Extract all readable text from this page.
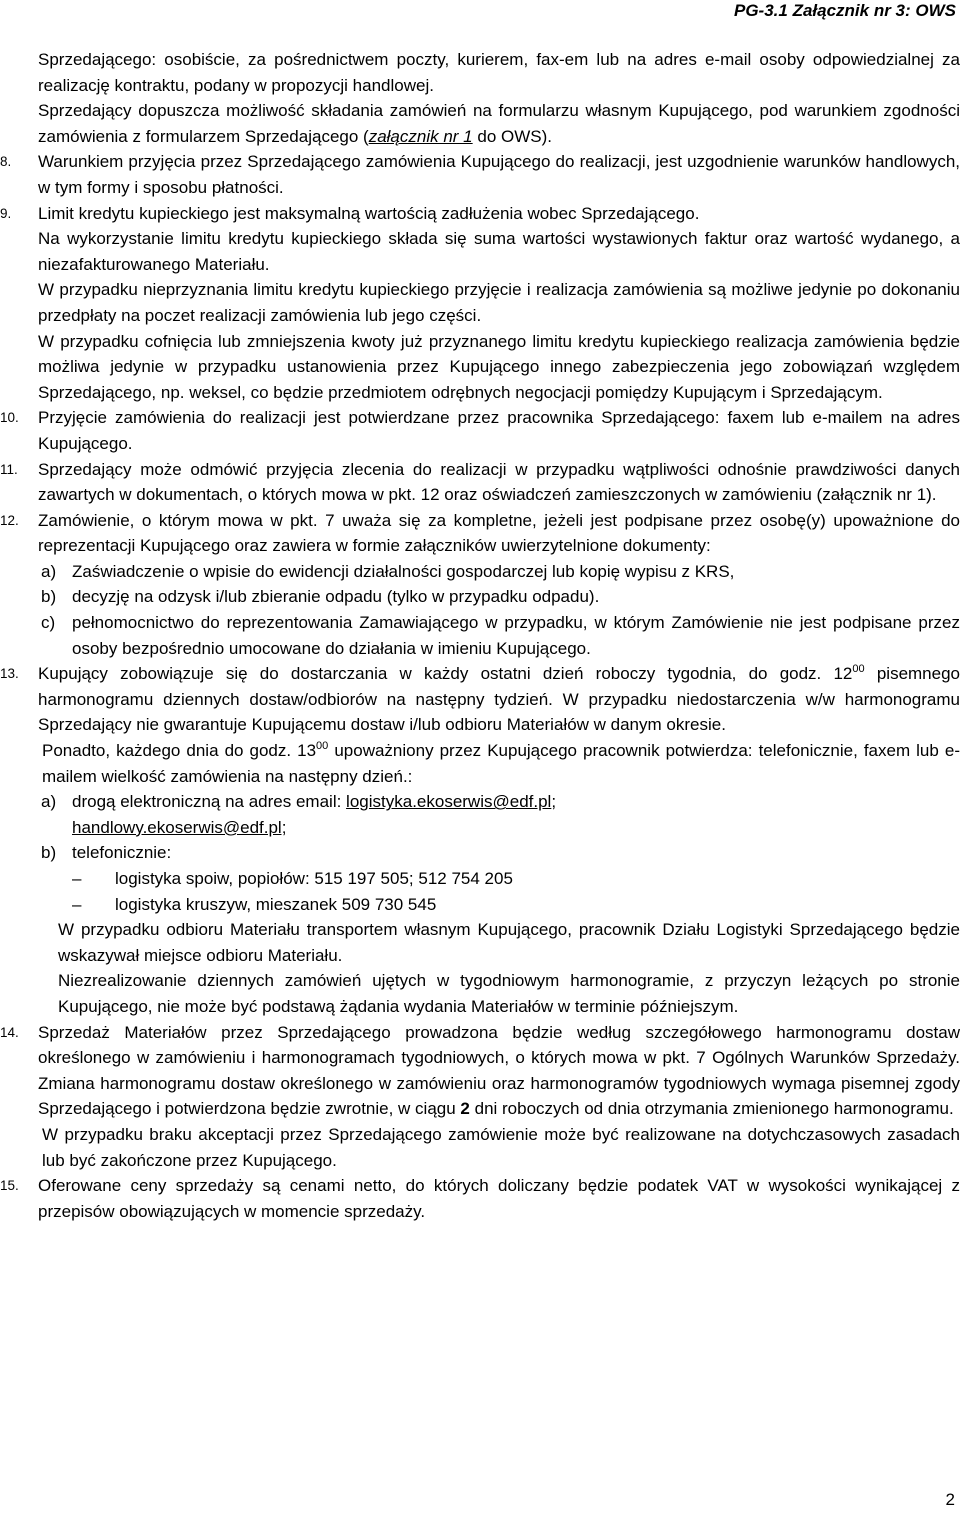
PG-3.1 Załącznik nr 3: OWS

Sprzedającego: osobiście, za pośrednictwem poczty, kurierem, fax-em lub na adres e-mail osoby odpowiedzialnej za realizację kontraktu, podany w propozycji handlowej.

Sprzedający dopuszcza możliwość składania zamówień na formularzu własnym Kupującego, pod warunkiem zgodności zamówienia z formularzem Sprzedającego (załącznik nr 1 do OWS).

8. Warunkiem przyjęcia przez Sprzedającego zamówienia Kupującego do realizacji, jest uzgodnienie warunków handlowych, w tym formy i sposobu płatności.

9. Limit kredytu kupieckiego jest maksymalną wartością zadłużenia wobec Sprzedającego.

Na wykorzystanie limitu kredytu kupieckiego składa się suma wartości wystawionych faktur oraz wartość wydanego, a niezafakturowanego Materiału.

W przypadku nieprzyznania limitu kredytu kupieckiego przyjęcie i realizacja zamówienia są możliwe jedynie po dokonaniu przedpłaty na poczet realizacji zamówienia lub jego części.

W przypadku cofnięcia lub zmniejszenia kwoty już przyznanego limitu kredytu kupieckiego realizacja zamówienia będzie możliwa jedynie w przypadku ustanowienia przez Kupującego innego zabezpieczenia jego zobowiązań względem Sprzedającego, np. weksel, co będzie przedmiotem odrębnych negocjacji pomiędzy Kupującym i Sprzedającym.

10. Przyjęcie zamówienia do realizacji jest potwierdzane przez pracownika Sprzedającego: faxem lub e-mailem na adres Kupującego.

11. Sprzedający może odmówić przyjęcia zlecenia do realizacji w przypadku wątpliwości odnośnie prawdziwości danych zawartych w dokumentach, o których mowa w pkt. 12 oraz oświadczeń zamieszczonych w zamówieniu (załącznik nr 1).

12. Zamówienie, o którym mowa w pkt. 7 uważa się za kompletne, jeżeli jest podpisane przez osobę(y) upoważnione do reprezentacji Kupującego oraz zawiera w formie załączników uwierzytelnione dokumenty:

a) Zaświadczenie o wpisie do ewidencji działalności gospodarczej lub kopię wypisu z KRS,

b) decyzję na odzysk i/lub zbieranie odpadu (tylko w przypadku odpadu).

c) pełnomocnictwo do reprezentowania Zamawiającego w przypadku, w którym Zamówienie nie jest podpisane przez osoby bezpośrednio umocowane do działania w imieniu Kupującego.

13. Kupujący zobowiązuje się do dostarczania w każdy ostatni dzień roboczy tygodnia, do godz. $12^{00}$ pisemnego harmonogramu dziennych dostaw/odbiorów na następny tydzień. W przypadku niedostarczenia w/w harmonogramu Sprzedający nie gwarantuje Kupującemu dostaw i/lub odbioru Materiałów w danym okresie.

Ponadto, każdego dnia do godz. $13^{00}$ upoważniony przez Kupującego pracownik potwierdza: telefonicznie, faxem lub e-mailem wielkość zamówienia na następny dzień.:

a) drogą elektroniczną na adres email: logistyka.ekoserwis@edf.pl;

handlowy.ekoserwis@edf.pl;

b) telefonicznie:

– logistyka spoiw, popiołów: 515 197 505; 512 754 205

– logistyka kruszyw, mieszanek 509 730 545

W przypadku odbioru Materiału transportem własnym Kupującego, pracownik Działu Logistyki Sprzedającego będzie wskazywał miejsce odbioru Materiału.

Niezrealizowanie dziennych zamówień ujętych w tygodniowym harmonogramie, z przyczyn leżących po stronie Kupującego, nie może być podstawą żądania wydania Materiałów w terminie późniejszym.

14. Sprzedaż Materiałów przez Sprzedającego prowadzona będzie według szczegółowego harmonogramu dostaw określonego w zamówieniu i harmonogramach tygodniowych, o których mowa w pkt. 7 Ogólnych Warunków Sprzedaży. Zmiana harmonogramu dostaw określonego w zamówieniu oraz harmonogramów tygodniowych wymaga pisemnej zgody Sprzedającego i potwierdzona będzie zwrotnie, w ciągu 2 dni roboczych od dnia otrzymania zmienionego harmonogramu.

W przypadku braku akceptacji przez Sprzedającego zamówienie może być realizowane na dotychczasowych zasadach lub być zakończone przez Kupującego.

15. Oferowane ceny sprzedaży są cenami netto, do których doliczany będzie podatek VAT w wysokości wynikającej z przepisów obowiązujących w momencie sprzedaży.

2
